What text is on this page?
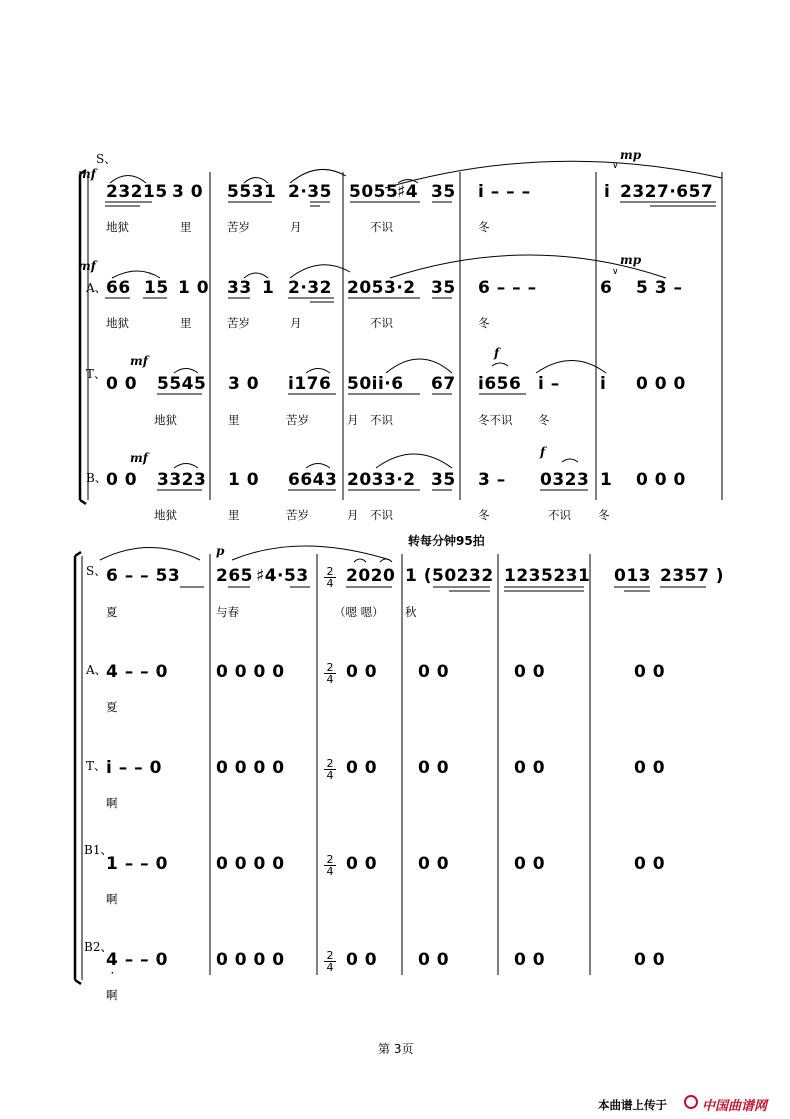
S、
mf
mp
∨
23215 3 0 5531 2·35 5055
♯4 35 i – – –	i 2327·657
地狱	里	苦岁	月	不识	冬
mf
A、
mp
∨
66 15 1 0 33 1 2·32 2053·2 35 6 – – –	6 5 3 –
地狱	里	苦岁	月	不识	冬
T、
mf
f
0 0 5545 3 0 i176 50ii·6 67 i656 i – i 0 0 0
地狱	里	苦岁	月 不识	冬不识 冬
B、
mf	f
0 0 3323 1 0 6643 2033·2 35 3 – 0323 1 0 0 0
地狱	里	苦岁	月 不识	冬	不识 冬
转每分钟95拍
S、
p
6 – – 53 265 ♯4·53 2
4 2020 1 (50232 1235231 013 2357 )
夏	与春	（嗯 嗯） 秋
A、 4 – – 0	0 0 0 0	2
4 0 0 0 0	0 0	0 0
夏
T、 i – – 0	0 0 0 0	2
4 0 0 0 0	0 0	0 0
啊
B1、
1 – – 0	0 0 0 0	2
4 0 0 0 0	0 0	0 0
啊
B2、
4 – – 0
·
0 0 0 0	2
4 0 0 0 0	0 0	0 0
啊
第 3页
本曲谱上传于	中国曲谱网
